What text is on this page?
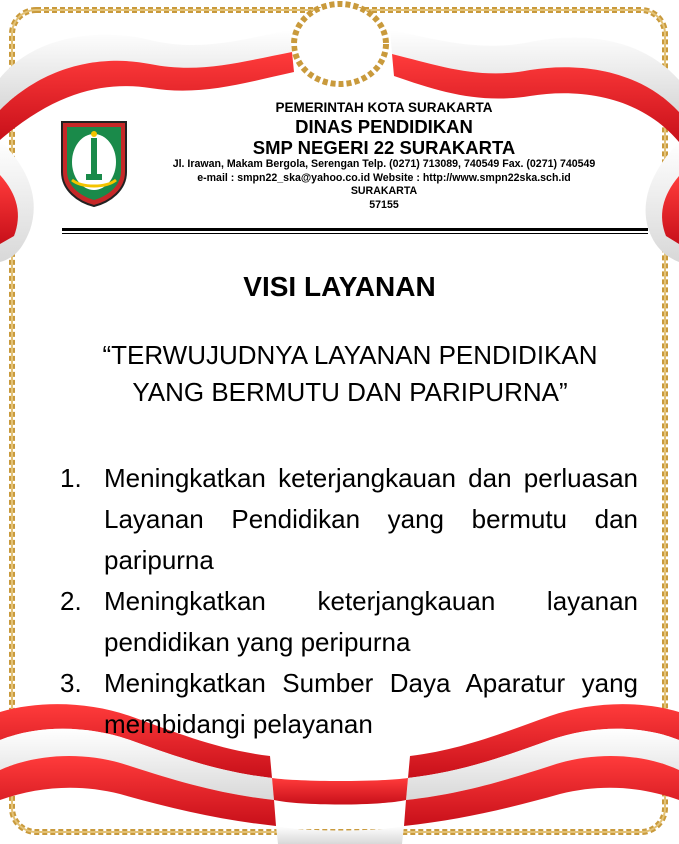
PEMERINTAH KOTA SURAKARTA
DINAS PENDIDIKAN
SMP NEGERI 22 SURAKARTA
Jl. Irawan, Makam Bergola, Serengan Telp. (0271) 713089, 740549 Fax. (0271) 740549
e-mail : smpn22_ska@yahoo.co.id Website : http://www.smpn22ska.sch.id
SURAKARTA
57155
VISI LAYANAN
“TERWUJUDNYA LAYANAN PENDIDIKAN
YANG BERMUTU DAN PARIPURNA”
1. Meningkatkan keterjangkauan dan perluasan Layanan Pendidikan yang bermutu dan paripurna
2. Meningkatkan keterjangkauan layanan pendidikan yang peripurna
3. Meningkatkan Sumber Daya Aparatur yang membidangi pelayanan
